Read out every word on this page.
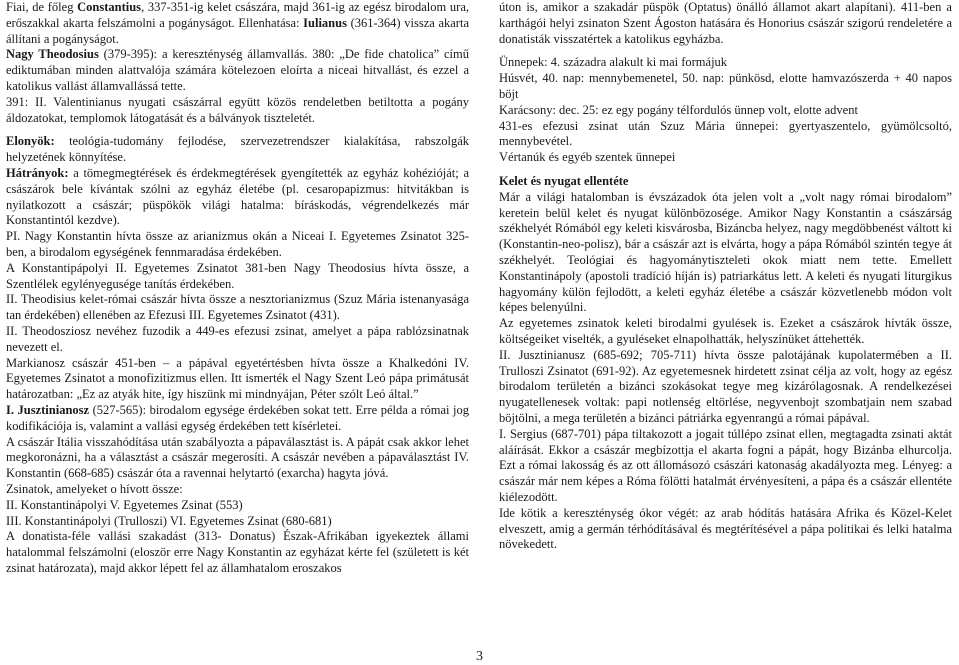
Fiai, de főleg Constantius, 337-351-ig kelet császára, majd 361-ig az egész birodalom ura, erőszakkal akarta felszámolni a pogányságot. Ellenhatása: Iulianus (361-364) vissza akarta állítani a pogányságot.

Nagy Theodosius (379-395): a kereszténység államvallás. 380: „De fide chatolica” című ediktumában minden alattvalója számára kötelezoen eloírta a niceai hitvallást, és ezzel a katolikus vallást államvallássá tette.

391: II. Valentinianus nyugati császárral együtt közös rendeletben betiltotta a pogány áldozatokat, templomok látogatását és a bálványok tiszteletét.

Elonyök: teológia-tudomány fejlodése, szervezetrendszer kialakítása, rabszolgák helyzetének könnyítése.

Hátrányok: a tömegmegtérések és érdekmegtérések gyengítették az egyház kohézióját; a császárok bele kívántak szólni az egyház életébe (pl. cesaropapizmus: hitvitákban is nyilatkozott a császár; püspökök világi hatalma: bíráskodás, végrendelkezés már Konstantintól kezdve).

PI. Nagy Konstantin hívta össze az arianizmus okán a Niceai I. Egyetemes Zsinatot 325-ben, a birodalom egységének fennmaradása érdekében.

A Konstantipápolyi II. Egyetemes Zsinatot 381-ben Nagy Theodosius hívta össze, a Szentlélek egylényegusége tanítás érdekében.

II. Theodisius kelet-római császár hívta össze a nesztorianizmus (Szuz Mária istenanyasága tan érdekében) ellenében az Efezusi III. Egyetemes Zsinatot (431).

II. Theodosziosz nevéhez fuzodik a 449-es efezusi zsinat, amelyet a pápa rablózsinatnak nevezett el.

Markianosz császár 451-ben – a pápával egyetértésben hívta össze a Khalkedóni IV. Egyetemes Zsinatot a monofizitizmus ellen. Itt ismerték el Nagy Szent Leó pápa primátusát határozatban: „Ez az atyák hite, így hiszünk mi mindnyájan, Péter szólt Leó által.”

I. Jusztinianosz (527-565): birodalom egysége érdekében sokat tett. Erre példa a római jog kodifikációja is, valamint a vallási egység érdekében tett kísérletei.

A császár Itália visszahódítása után szabályozta a pápaválasztást is. A pápát csak akkor lehet megkoronázni, ha a választást a császár megerosíti. A császár nevében a pápaválasztást IV. Konstantin (668-685) császár óta a ravennai helytartó (exarcha) hagyta jóvá.

Zsinatok, amelyeket o hívott össze:

II. Konstantinápolyi V. Egyetemes Zsinat (553)

III. Konstantinápolyi (Trulloszi) VI. Egyetemes Zsinat (680-681)

A donatista-féle vallási szakadást (313- Donatus) Észak-Afrikában igyekeztek állami hatalommal felszámolni (eloször erre Nagy Konstantin az egyházat kérte fel (született is két zsinat határozata), majd akkor lépett fel az államhatalom eroszakos

úton is, amikor a szakadár püspök (Optatus) önálló államot akart alapítani). 411-ben a karthágói helyi zsinaton Szent Ágoston hatására és Honorius császár szigorú rendeletére a donatisták visszatértek a katolikus egyházba.

Ünnepek: 4. századra alakult ki mai formájuk

Húsvét, 40. nap: mennybemenetel, 50. nap: pünkösd, elotte hamvazószerda + 40 napos böjt

Karácsony: dec. 25: ez egy pogány télfordulós ünnep volt, elotte advent

431-es efezusi zsinat után Szuz Mária ünnepei: gyertyaszentelo, gyümölcsoltó, mennybevétel.

Vértanúk és egyéb szentek ünnepei

Kelet és nyugat ellentéte

Már a világi hatalomban is évszázadok óta jelen volt a „volt nagy római birodalom” keretein belül kelet és nyugat különbözosége. Amikor Nagy Konstantin a császárság székhelyét Rómából egy keleti kisvárosba, Bizáncba helyez, nagy megdöbbenést váltott ki (Konstantin-neo-polisz), bár a császár azt is elvárta, hogy a pápa Rómából szintén tegye át székhelyét. Teológiai és hagyománytiszteleti okok miatt nem tette. Emellett Konstantinápoly (apostoli tradíció híján is) patriarkátus lett. A keleti és nyugati liturgikus hagyomány külön fejlodött, a keleti egyház életébe a császár közvetlenebb módon volt képes belenyúlni.

Az egyetemes zsinatok keleti birodalmi gyulések is. Ezeket a császárok hívták össze, költségeiket viselték, a gyuléseket elnapolhatták, helyszínüket áttehették.

II. Jusztinianusz (685-692; 705-711) hívta össze palotájának kupolatermében a II. Trulloszi Zsinatot (691-92). Az egyetemesnek hirdetett zsinat célja az volt, hogy az egész birodalom területén a bizánci szokásokat tegye meg kizárólagosnak. A rendelkezései nyugatellenesek voltak: papi notlenség eltörlése, negyvenbojt szombatjain nem szabad böjtölni, a mega területén a bizánci pátriárka egyenrangú a római pápával.

I. Sergius (687-701) pápa tiltakozott a jogait túllépo zsinat ellen, megtagadta zsinati aktát aláírását. Ekkor a császár megbízottja el akarta fogni a pápát, hogy Bizánba elhurcolja. Ezt a római lakosság és az ott állomásozó császári katonaság akadályozta meg. Lényeg: a császár már nem képes a Róma fölötti hatalmát érvényesíteni, a pápa és a császár ellentéte kiélezodött.

Ide kötik a kereszténység ókor végét: az arab hódítás hatására Afrika és Közel-Kelet elveszett, amig a germán térhódításával és megtérítésével a pápa politikai és lelki hatalma növekedett.

3
